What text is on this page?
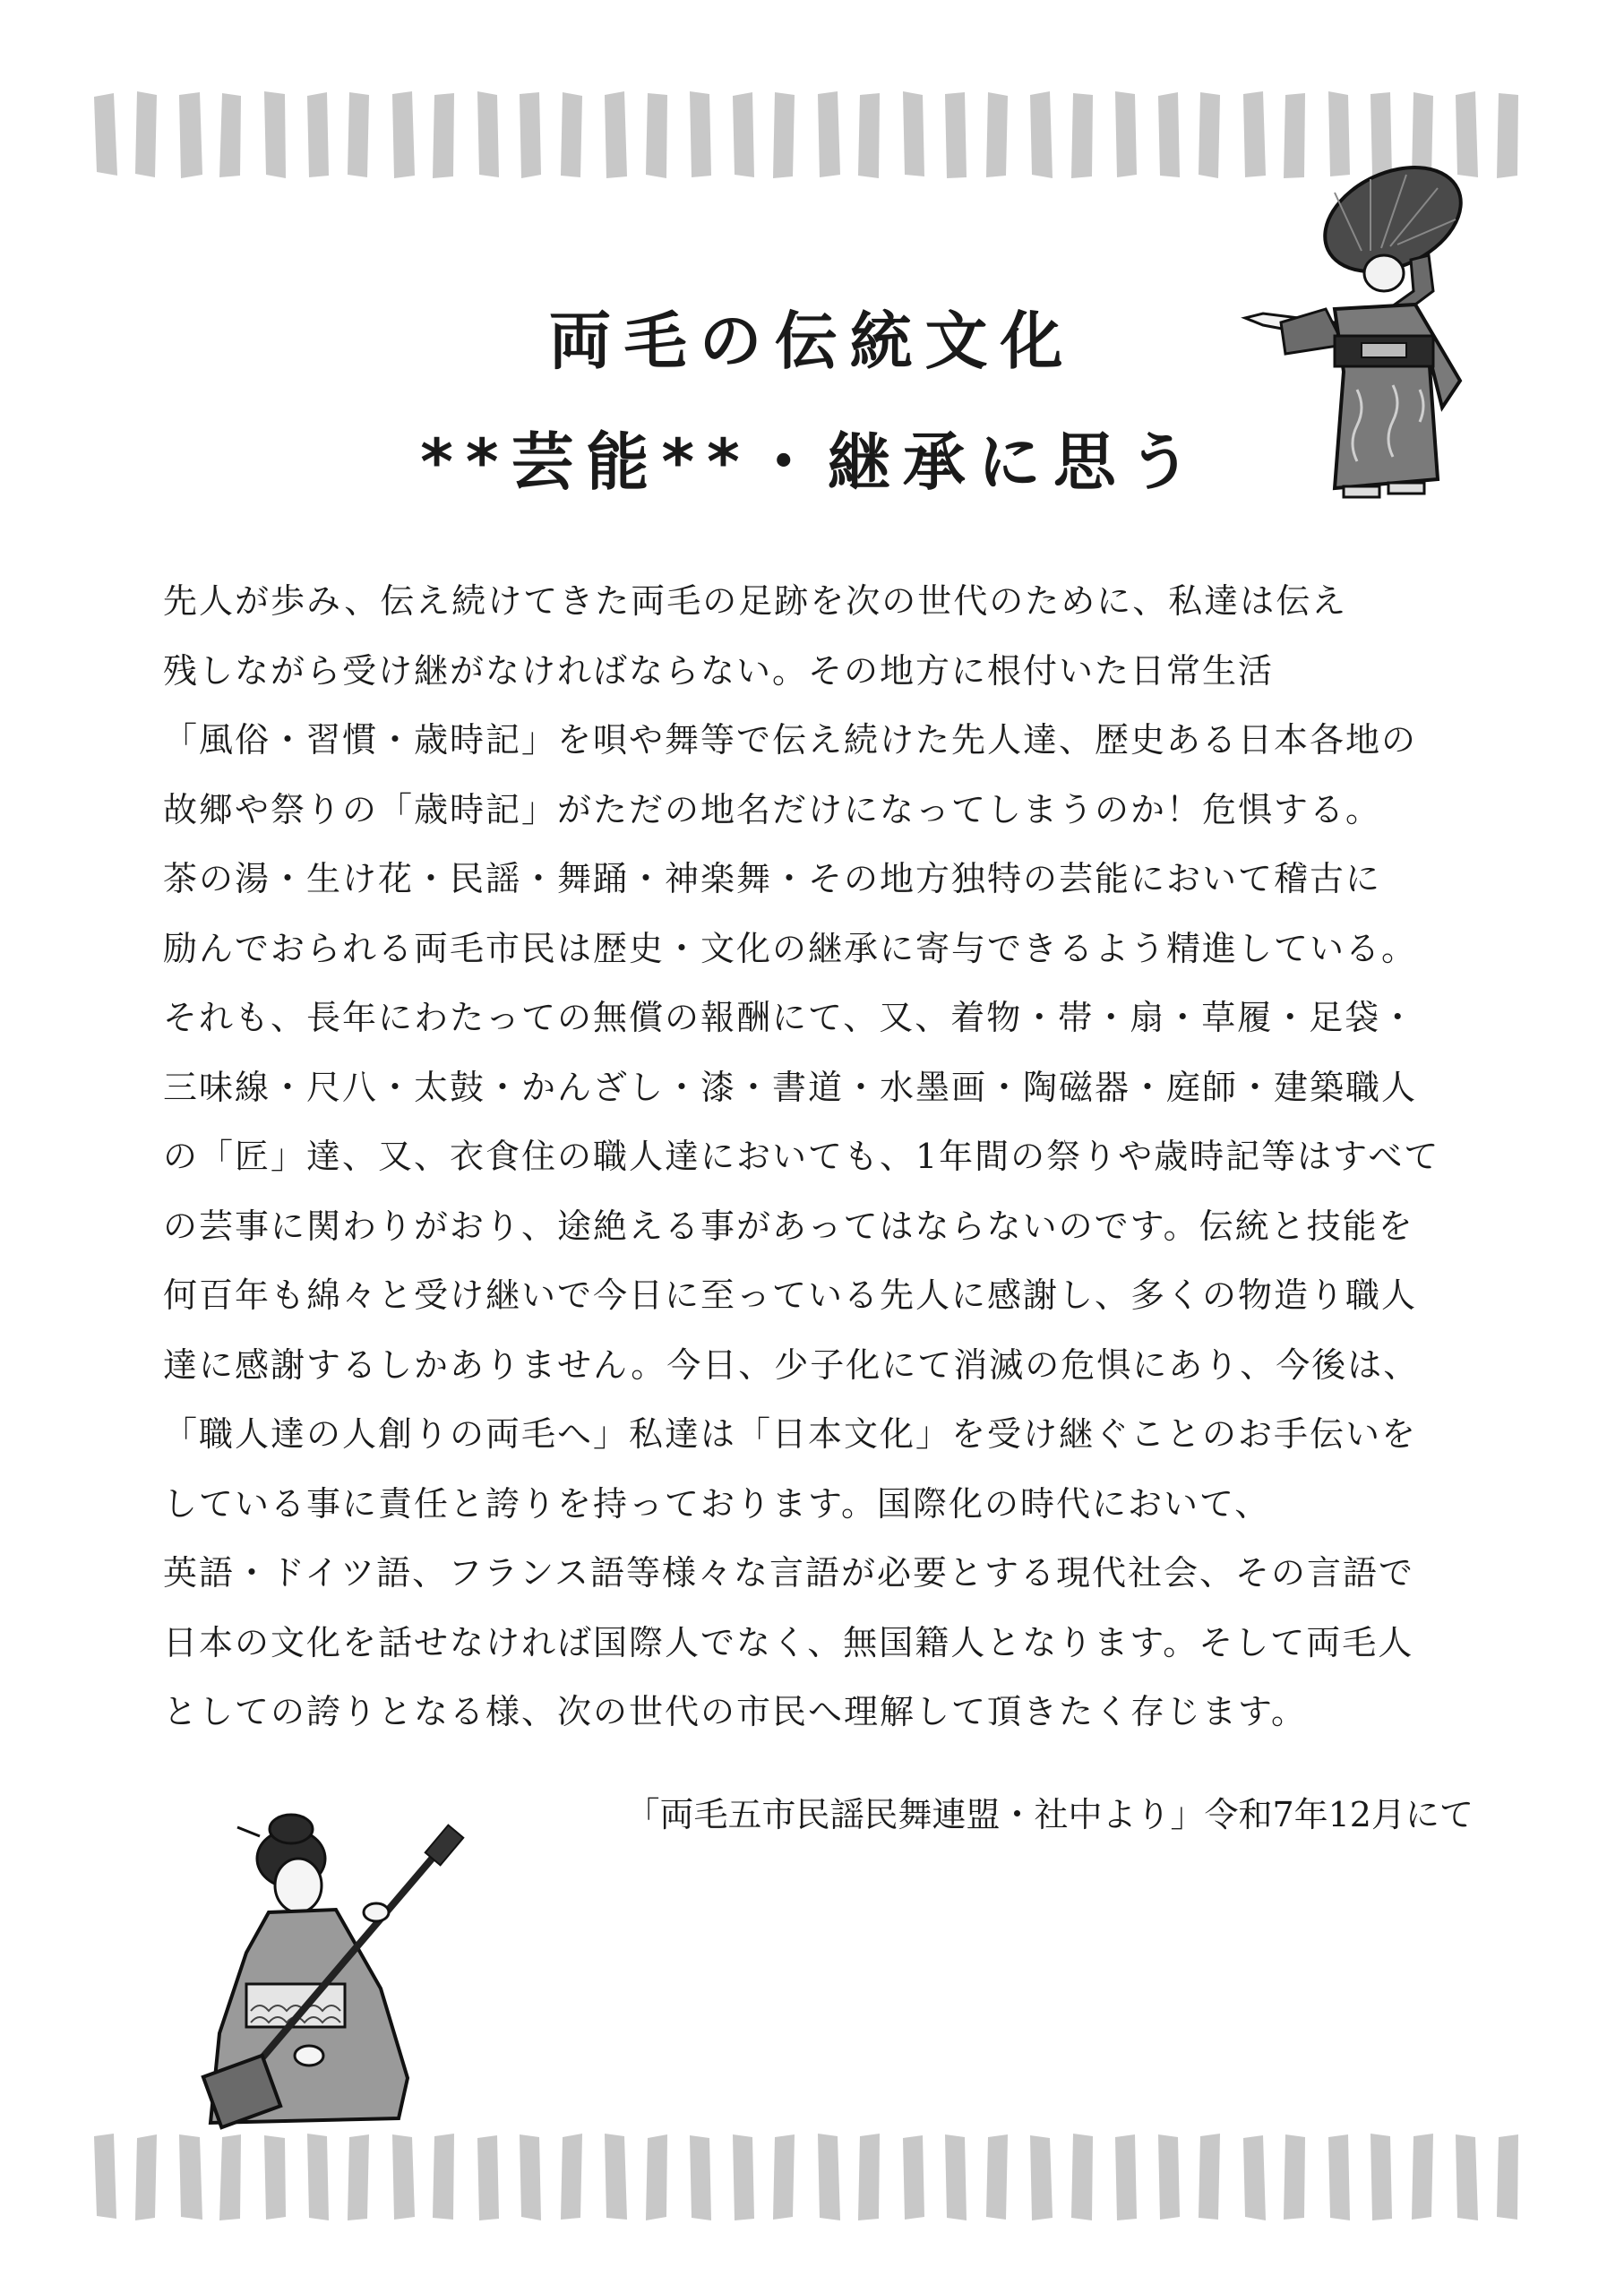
両毛の伝統文化
**芸能**・継承に思う
先人が歩み、伝え続けてきた両毛の足跡を次の世代のために、私達は伝え
残しながら受け継がなければならない。その地方に根付いた日常生活
「風俗・習慣・歳時記」を唄や舞等で伝え続けた先人達、歴史ある日本各地の
故郷や祭りの「歳時記」がただの地名だけになってしまうのか！危惧する。
茶の湯・生け花・民謡・舞踊・神楽舞・その地方独特の芸能において稽古に
励んでおられる両毛市民は歴史・文化の継承に寄与できるよう精進している。
それも、長年にわたっての無償の報酬にて、又、着物・帯・扇・草履・足袋・
三味線・尺八・太鼓・かんざし・漆・書道・水墨画・陶磁器・庭師・建築職人
の「匠」達、又、衣食住の職人達においても、1年間の祭りや歳時記等はすべて
の芸事に関わりがおり、途絶える事があってはならないのです。伝統と技能を
何百年も綿々と受け継いで今日に至っている先人に感謝し、多くの物造り職人
達に感謝するしかありません。今日、少子化にて消滅の危惧にあり、今後は、
「職人達の人創りの両毛へ」私達は「日本文化」を受け継ぐことのお手伝いを
している事に責任と誇りを持っております。国際化の時代において、
英語・ドイツ語、フランス語等様々な言語が必要とする現代社会、その言語で
日本の文化を話せなければ国際人でなく、無国籍人となります。そして両毛人
としての誇りとなる様、次の世代の市民へ理解して頂きたく存じます。
「両毛五市民謡民舞連盟・社中より」令和7年12月にて
